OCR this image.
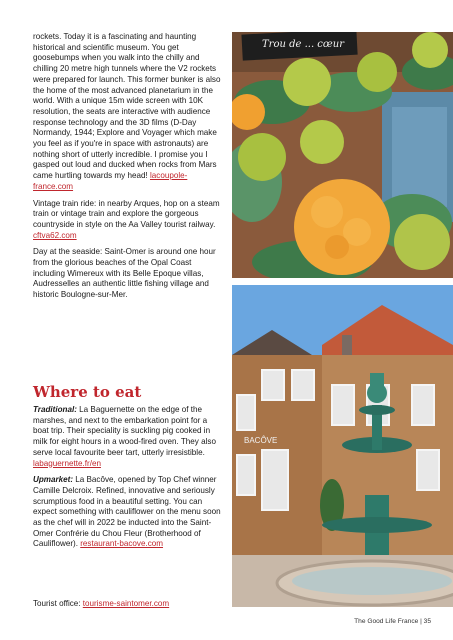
rockets. Today it is a fascinating and haunting historical and scientific museum. You get goosebumps when you walk into the chilly and chilling 20 metre high tunnels where the V2 rockets were prepared for launch. This former bunker is also the home of the most advanced planetarium in the world. With a unique 15m wide screen with 10K resolution, the seats are interactive with audience response technology and the 3D films (D-Day Normandy, 1944; Explore and Voyager which make you feel as if you're in space with astronauts) are nothing short of utterly incredible. I promise you I gasped out loud and ducked when rocks from Mars came hurtling towards my head! lacoupole-france.com

Vintage train ride: in nearby Arques, hop on a steam train or vintage train and explore the gorgeous countryside in style on the Aa Valley tourist railway. cftva62.com

Day at the seaside: Saint-Omer is around one hour from the glorious beaches of the Opal Coast including Wimereux with its Belle Epoque villas, Audresselles an authentic little fishing village and historic Boulogne-sur-Mer.

Where to eat

Traditional: La Baguernette on the edge of the marshes, and next to the embarkation point for a boat trip. Their speciality is suckling pig cooked in milk for eight hours in a wood-fired oven. They also serve local favourite beer tart, utterly irresistible. labaguernette.fr/en

Upmarket: La Bacôve, opened by Top Chef winner Camille Delcroix. Refined, innovative and seriously scrumptious food in a beautiful setting. You can expect something with cauliflower on the menu soon as the chef will in 2022 be inducted into the Saint-Omer Confrérie du Chou Fleur (Brotherhood of Cauliflower). restaurant-bacove.com

Tourist office: tourisme-saintomer.com

The Good Life France | 35
Trou de ... cœur
BACÔVE
